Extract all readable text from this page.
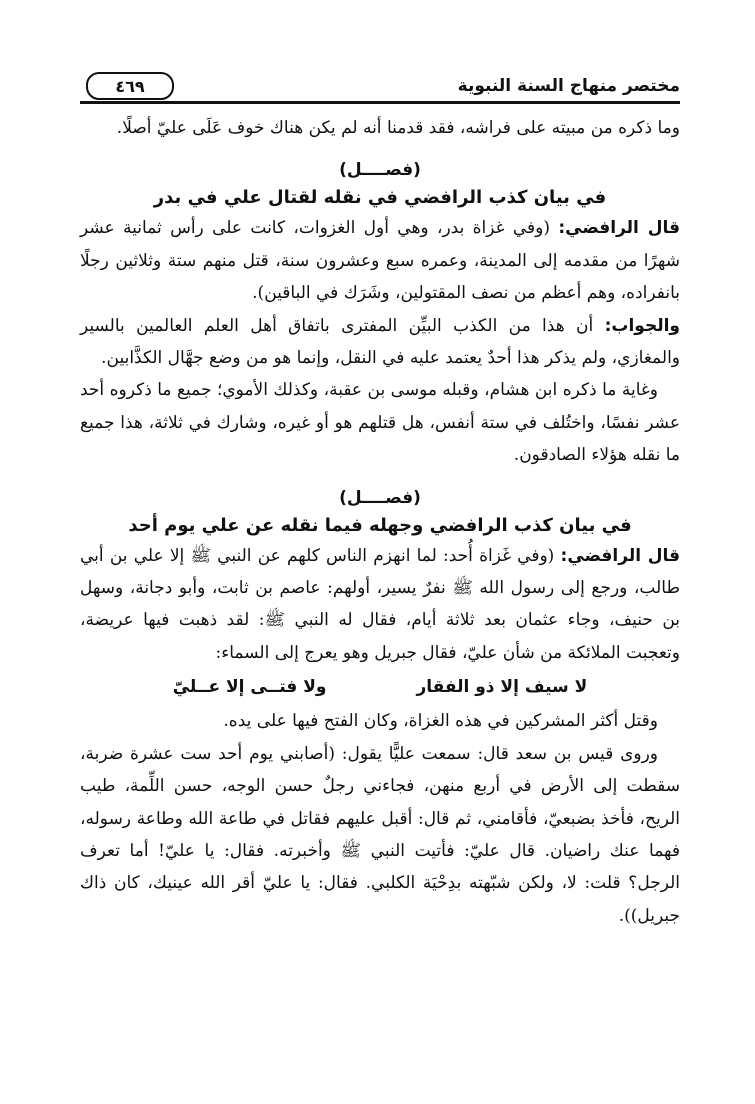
مختصر منهاج السنة النبوية
٤٦٩

وما ذكره من مبيته على فراشه، فقد قدمنا أنه لم يكن هناك خوف عَلَى عليّ أصلًا.

(فصــــل)
في بيان كذب الرافضي في نقله لقتال علي في بدر

قال الرافضي: (وفي غزاة بدر، وهي أول الغزوات، كانت على رأس ثمانية عشر شهرًا من مقدمه إلى المدينة، وعمره سبع وعشرون سنة، قتل منهم ستة وثلاثين رجلًا بانفراده، وهم أعظم من نصف المقتولين، وشَرَك في الباقين).

والجواب: أن هذا من الكذب البيِّن المفترى باتفاق أهل العلم العالمين بالسير والمغازي، ولم يذكر هذا أحدٌ يعتمد عليه في النقل، وإنما هو من وضع جهَّال الكذَّابين.

وغاية ما ذكره ابن هشام، وقبله موسى بن عقبة، وكذلك الأموي؛ جميع ما ذكروه أحد عشر نفسًا، واختُلف في ستة أنفس، هل قتلهم هو أو غيره، وشارك في ثلاثة، هذا جميع ما نقله هؤلاء الصادقون.

(فصــــل)
في بيان كذب الرافضي وجهله فيما نقله عن علي يوم أحد

قال الرافضي: (وفي غَزاة أُحد: لما انهزم الناس كلهم عن النبي ﷺ إلا علي بن أبي طالب، ورجع إلى رسول الله ﷺ نفرٌ يسير، أولهم: عاصم بن ثابت، وأبو دجانة، وسهل بن حنيف، وجاء عثمان بعد ثلاثة أيام، فقال له النبي ﷺ: لقد ذهبت فيها عريضة، وتعجبت الملائكة من شأن عليّ، فقال جبريل وهو يعرج إلى السماء:

لا سيف إلا ذو الفقار
ولا فتــى إلا عــليّ

وقتل أكثر المشركين في هذه الغزاة، وكان الفتح فيها على يده.

وروى قيس بن سعد قال: سمعت عليًّا يقول: (أصابني يوم أحد ست عشرة ضربة، سقطت إلى الأرض في أربع منهن، فجاءني رجلٌ حسن الوجه، حسن اللِّمة، طيب الريح، فأخذ بضبعيّ، فأقامني، ثم قال: أقبل عليهم فقاتل في طاعة الله وطاعة رسوله، فهما عنك راضيان. قال عليّ: فأتيت النبي ﷺ وأخبرته. فقال: يا عليّ! أما تعرف الرجل؟ قلت: لا، ولكن شبّهته بدِحْيَة الكلبي. فقال: يا عليّ أقر الله عينيك، كان ذاك جبريل)).
